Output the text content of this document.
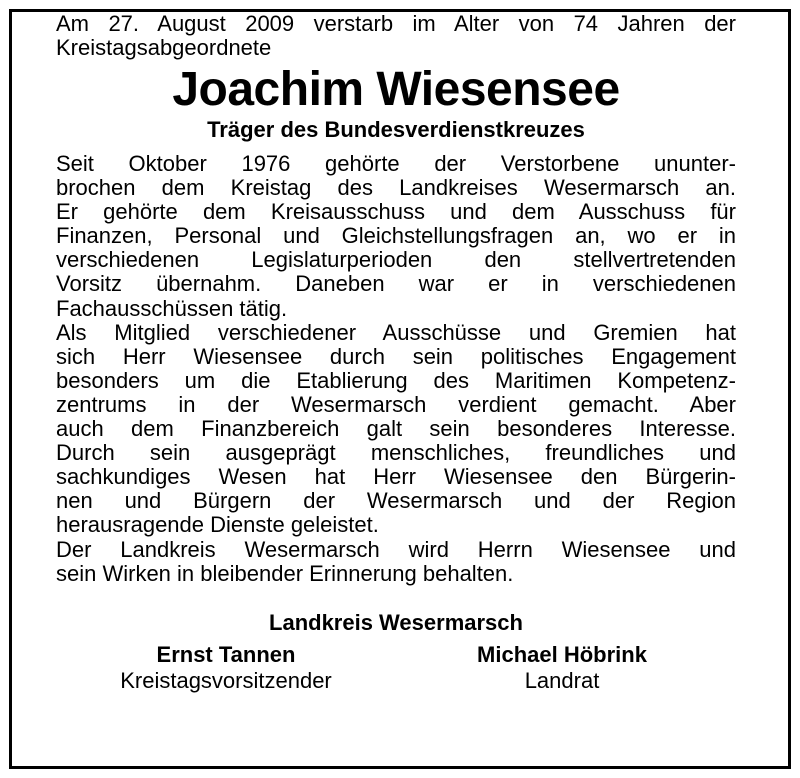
Am 27. August 2009 verstarb im Alter von 74 Jahren der
Kreistagsabgeordnete
Joachim Wiesensee
Träger des Bundesverdienstkreuzes
Seit Oktober 1976 gehörte der Verstorbene ununter-
brochen dem Kreistag des Landkreises Wesermarsch an.
Er gehörte dem Kreisausschuss und dem Ausschuss für
Finanzen, Personal und Gleichstellungsfragen an, wo er in
verschiedenen Legislaturperioden den stellvertretenden
Vorsitz übernahm. Daneben war er in verschiedenen
Fachausschüssen tätig.
Als Mitglied verschiedener Ausschüsse und Gremien hat
sich Herr Wiesensee durch sein politisches Engagement
besonders um die Etablierung des Maritimen Kompetenz-
zentrums in der Wesermarsch verdient gemacht. Aber
auch dem Finanzbereich galt sein besonderes Interesse.
Durch sein ausgeprägt menschliches, freundliches und
sachkundiges Wesen hat Herr Wiesensee den Bürgerin-
nen und Bürgern der Wesermarsch und der Region
herausragende Dienste geleistet.
Der Landkreis Wesermarsch wird Herrn Wiesensee und
sein Wirken in bleibender Erinnerung behalten.
Landkreis Wesermarsch
Ernst Tannen
Kreistagsvorsitzender
Michael Höbrink
Landrat
